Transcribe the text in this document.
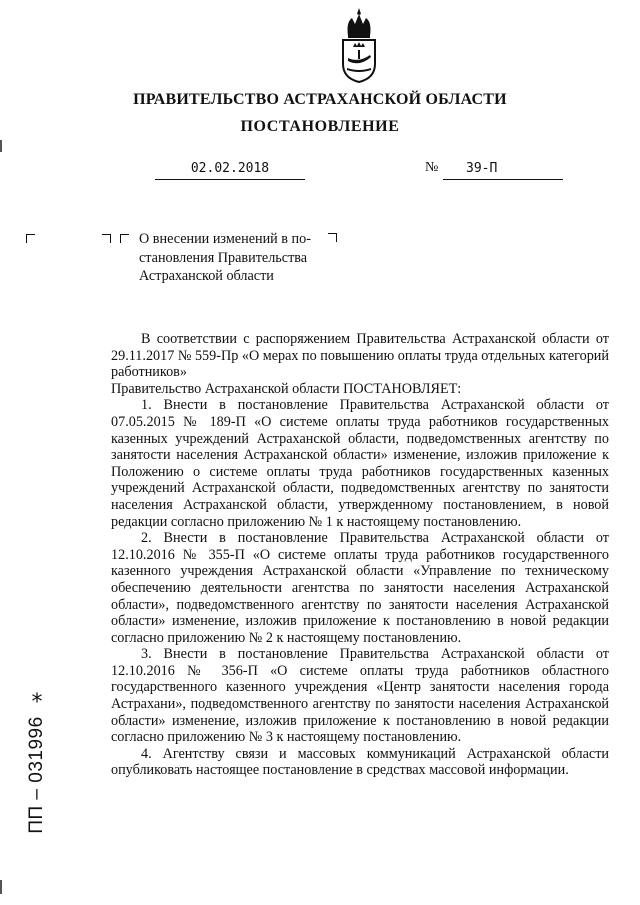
ПРАВИТЕЛЬСТВО АСТРАХАНСКОЙ ОБЛАСТИ
ПОСТАНОВЛЕНИЕ
02.02.2018	№	39-П
О внесении изменений в по-
становления Правительства
Астраханской области

В соответствии с распоряжением Правительства Астраханской области от 29.11.2017 № 559-Пр «О мерах по повышению оплаты труда отдельных категорий работников»

Правительство Астраханской области ПОСТАНОВЛЯЕТ:

1. Внести в постановление Правительства Астраханской области от 07.05.2015 № 189-П «О системе оплаты труда работников государственных казенных учреждений Астраханской области, подведомственных агентству по занятости населения Астраханской области» изменение, изложив приложение к Положению о системе оплаты труда работников государственных казенных учреждений Астраханской области, подведомственных агентству по занятости населения Астраханской области, утвержденному постановлением, в новой редакции согласно приложению № 1 к настоящему постановлению.

2. Внести в постановление Правительства Астраханской области от 12.10.2016 № 355-П «О системе оплаты труда работников государственного казенного учреждения Астраханской области «Управление по техническому обеспечению деятельности агентства по занятости населения Астраханской области», подведомственного агентству по занятости населения Астраханской области» изменение, изложив приложение к постановлению в новой редакции согласно приложению № 2 к настоящему постановлению.

3. Внести в постановление Правительства Астраханской области от 12.10.2016 № 356-П «О системе оплаты труда работников областного государственного казенного учреждения «Центр занятости населения города Астрахани», подведомственного агентству по занятости населения Астраханской области» изменение, изложив приложение к постановлению в новой редакции согласно приложению № 3 к настоящему постановлению.

4. Агентству связи и массовых коммуникаций Астраханской области опубликовать настоящее постановление в средствах массовой информации.

*
ПП – 031996
